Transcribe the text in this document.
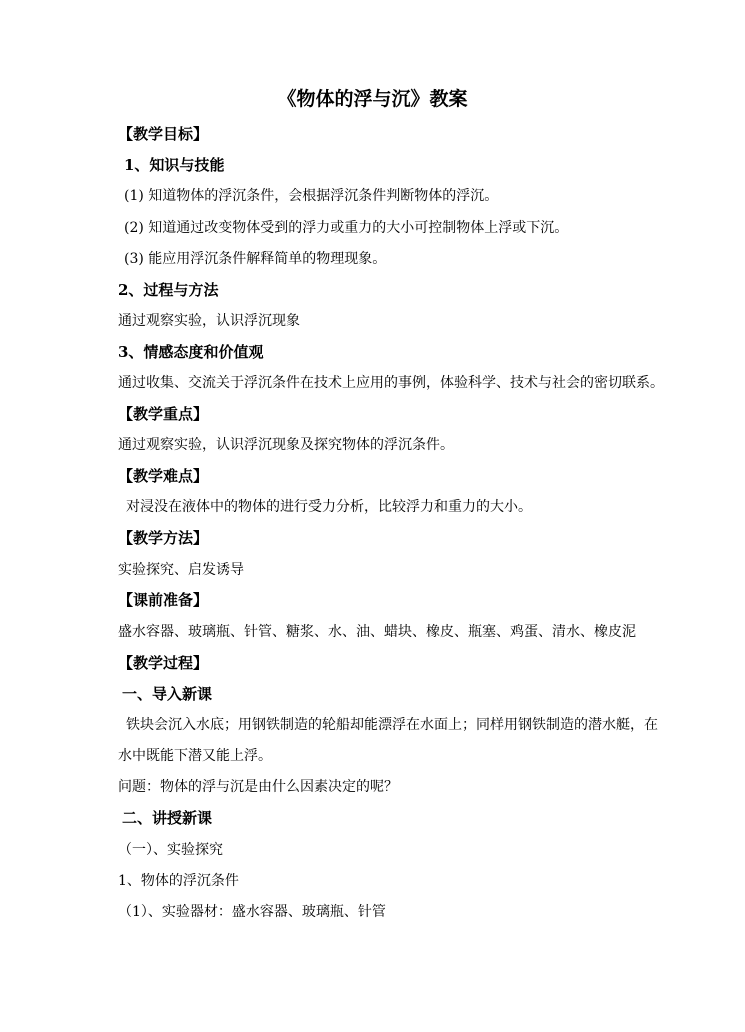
《物体的浮与沉》教案
【教学目标】
1、知识与技能
(1) 知道物体的浮沉条件，会根据浮沉条件判断物体的浮沉。
(2) 知道通过改变物体受到的浮力或重力的大小可控制物体上浮或下沉。
(3) 能应用浮沉条件解释简单的物理现象。
2、过程与方法
通过观察实验，认识浮沉现象
3、情感态度和价值观
通过收集、交流关于浮沉条件在技术上应用的事例，体验科学、技术与社会的密切联系。
【教学重点】
通过观察实验，认识浮沉现象及探究物体的浮沉条件。
【教学难点】
对浸没在液体中的物体的进行受力分析，比较浮力和重力的大小。
【教学方法】
实验探究、启发诱导
【课前准备】
盛水容器、玻璃瓶、针管、糖浆、水、油、蜡块、橡皮、瓶塞、鸡蛋、清水、橡皮泥
【教学过程】
一、导入新课
铁块会沉入水底；用钢铁制造的轮船却能漂浮在水面上；同样用钢铁制造的潜水艇，在
水中既能下潜又能上浮。
问题：物体的浮与沉是由什么因素决定的呢？
二、讲授新课
（一）、实验探究
1、物体的浮沉条件
（1）、实验器材：盛水容器、玻璃瓶、针管
